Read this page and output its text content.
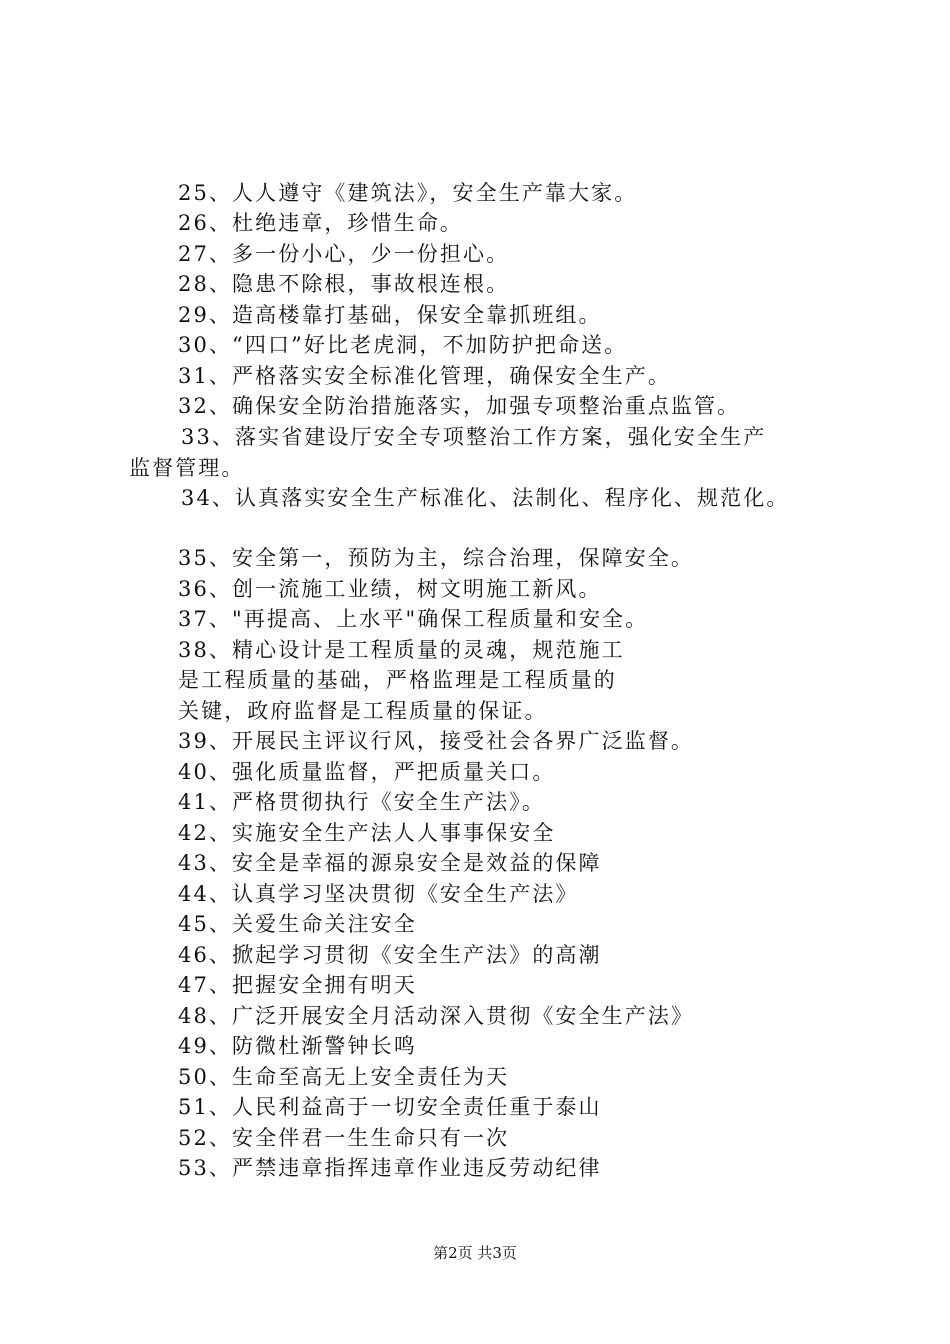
25、人人遵守《建筑法》，安全生产靠大家。
26、杜绝违章，珍惜生命。
27、多一份小心，少一份担心。
28、隐患不除根，事故根连根。
29、造高楼靠打基础，保安全靠抓班组。
30、“四口”好比老虎洞，不加防护把命送。
31、严格落实安全标准化管理，确保安全生产。
32、确保安全防治措施落实，加强专项整治重点监管。
33、落实省建设厅安全专项整治工作方案，强化安全生产
监督管理。
34、认真落实安全生产标准化、法制化、程序化、规范化。
35、安全第一，预防为主，综合治理，保障安全。
36、创一流施工业绩，树文明施工新风。
37、"再提高、上水平"确保工程质量和安全。
38、精心设计是工程质量的灵魂，规范施工
是工程质量的基础，严格监理是工程质量的
关键，政府监督是工程质量的保证。
39、开展民主评议行风，接受社会各界广泛监督。
40、强化质量监督，严把质量关口。
41、严格贯彻执行《安全生产法》。
42、实施安全生产法人人事事保安全
43、安全是幸福的源泉安全是效益的保障
44、认真学习坚决贯彻《安全生产法》
45、关爱生命关注安全
46、掀起学习贯彻《安全生产法》的高潮
47、把握安全拥有明天
48、广泛开展安全月活动深入贯彻《安全生产法》
49、防微杜渐警钟长鸣
50、生命至高无上安全责任为天
51、人民利益高于一切安全责任重于泰山
52、安全伴君一生生命只有一次
53、严禁违章指挥违章作业违反劳动纪律
第2页 共3页
